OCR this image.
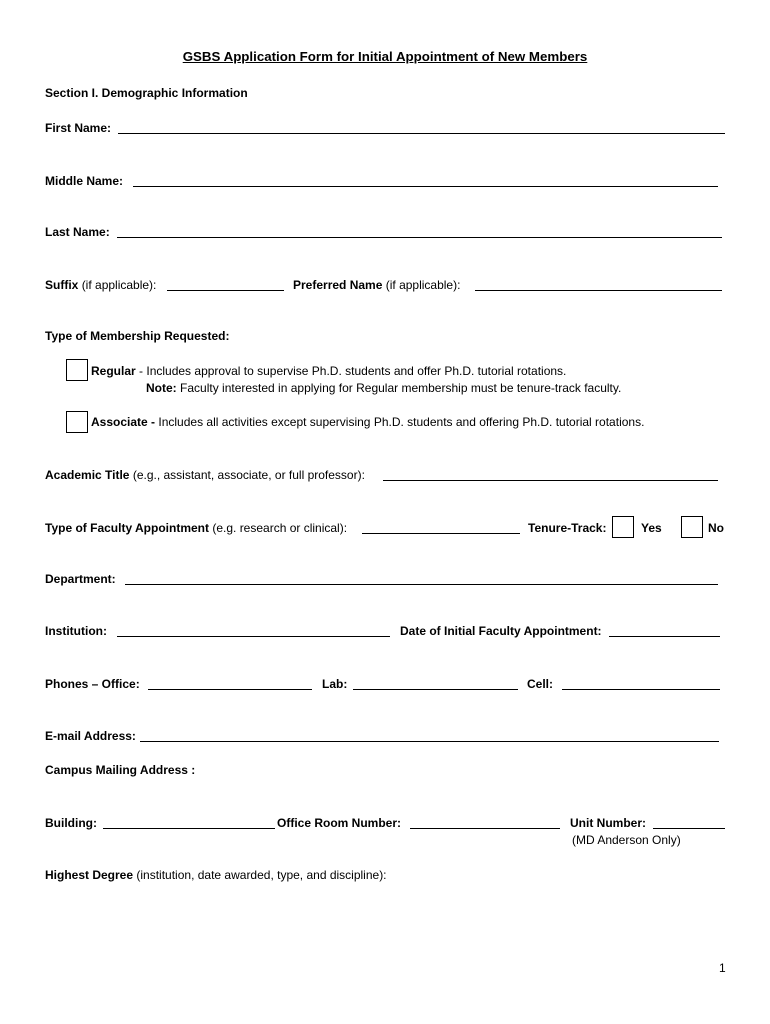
GSBS Application Form for Initial Appointment of New Members
Section I. Demographic Information
First Name:
Middle Name:
Last Name:
Suffix (if applicable):	Preferred Name (if applicable):
Type of Membership Requested:
Regular - Includes approval to supervise Ph.D. students and offer Ph.D. tutorial rotations.
Note: Faculty interested in applying for Regular membership must be tenure-track faculty.
Associate - Includes all activities except supervising Ph.D. students and offering Ph.D. tutorial rotations.
Academic Title (e.g., assistant, associate, or full professor):
Type of Faculty Appointment (e.g. research or clinical):	Tenure-Track:	Yes	No
Department:
Institution:	Date of Initial Faculty Appointment:
Phones – Office:	Lab:	Cell:
E-mail Address:
Campus Mailing Address :
Building:	Office Room Number:	Unit Number:
(MD Anderson Only)
Highest Degree (institution, date awarded, type, and discipline):
1
